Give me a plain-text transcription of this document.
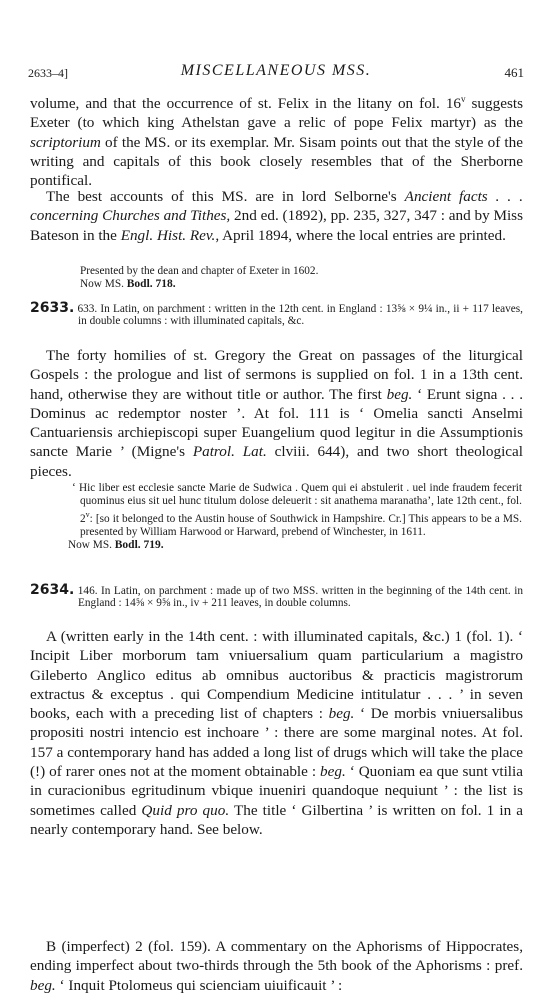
2633–4]	MISCELLANEOUS MSS.	461

volume, and that the occurrence of st. Felix in the litany on fol. 16$^v$ suggests Exeter (to which king Athelstan gave a relic of pope Felix martyr) as the scriptorium of the MS. or its exemplar. Mr. Sisam points out that the style of the writing and capitals of this book closely resembles that of the Sherborne pontifical.

The best accounts of this MS. are in lord Selborne's Ancient facts . . . concerning Churches and Tithes, 2nd ed. (1892), pp. 235, 327, 347 : and by Miss Bateson in the Engl. Hist. Rev., April 1894, where the local entries are printed.

Presented by the dean and chapter of Exeter in 1602.
Now MS. Bodl. 718.
2633. 633. In Latin, on parchment : written in the 12th cent. in England : 13⅝ × 9¼ in., ii + 117 leaves, in double columns : with illuminated capitals, &c.

The forty homilies of st. Gregory the Great on passages of the liturgical Gospels : the prologue and list of sermons is supplied on fol. 1 in a 13th cent. hand, otherwise they are without title or author. The first beg. ‘ Erunt signa . . . Dominus ac redemptor noster ’. At fol. 111 is ‘ Omelia sancti Anselmi Cantuariensis archiepiscopi super Euangelium quod legitur in die Assumptionis sancte Marie ’ (Migne's Patrol. Lat. clviii. 644), and two short theological pieces.

‘ Hic liber est ecclesie sancte Marie de Sudwica . Quem qui ei abstulerit . uel inde fraudem fecerit quominus eius sit uel hunc titulum dolose deleuerit : sit anathema maranatha’, late 12th cent., fol. 2$^v$: [so it belonged to the Austin house of Southwick in Hampshire. Cr.] This appears to be a MS. presented by William Harwood or Harward, prebend of Winchester, in 1611.
Now MS. Bodl. 719.
2634. 146. In Latin, on parchment : made up of two MSS. written in the beginning of the 14th cent. in England : 14⅝ × 9⅝ in., iv + 211 leaves, in double columns.

A (written early in the 14th cent. : with illuminated capitals, &c.) 1 (fol. 1). ‘ Incipit Liber morborum tam vniuersalium quam particularium a magistro Gileberto Anglico editus ab omnibus auctoribus & practicis magistrorum extractus & exceptus . qui Compendium Medicine intitulatur . . . ’ in seven books, each with a preceding list of chapters : beg. ‘ De morbis vniuersalibus propositi nostri intencio est inchoare ’ : there are some marginal notes. At fol. 157 a contemporary hand has added a long list of drugs which will take the place (!) of rarer ones not at the moment obtainable : beg. ‘ Quoniam ea que sunt vtilia in curacionibus egritudinum vbique inueniri quandoque nequiunt ’ : the list is sometimes called Quid pro quo. The title ‘ Gilbertina ’ is written on fol. 1 in a nearly contemporary hand. See below.

B (imperfect) 2 (fol. 159). A commentary on the Aphorisms of Hippocrates, ending imperfect about two-thirds through the 5th book of the Aphorisms : pref. beg. ‘ Inquit Ptolomeus qui scienciam uiuificauit ’ :
